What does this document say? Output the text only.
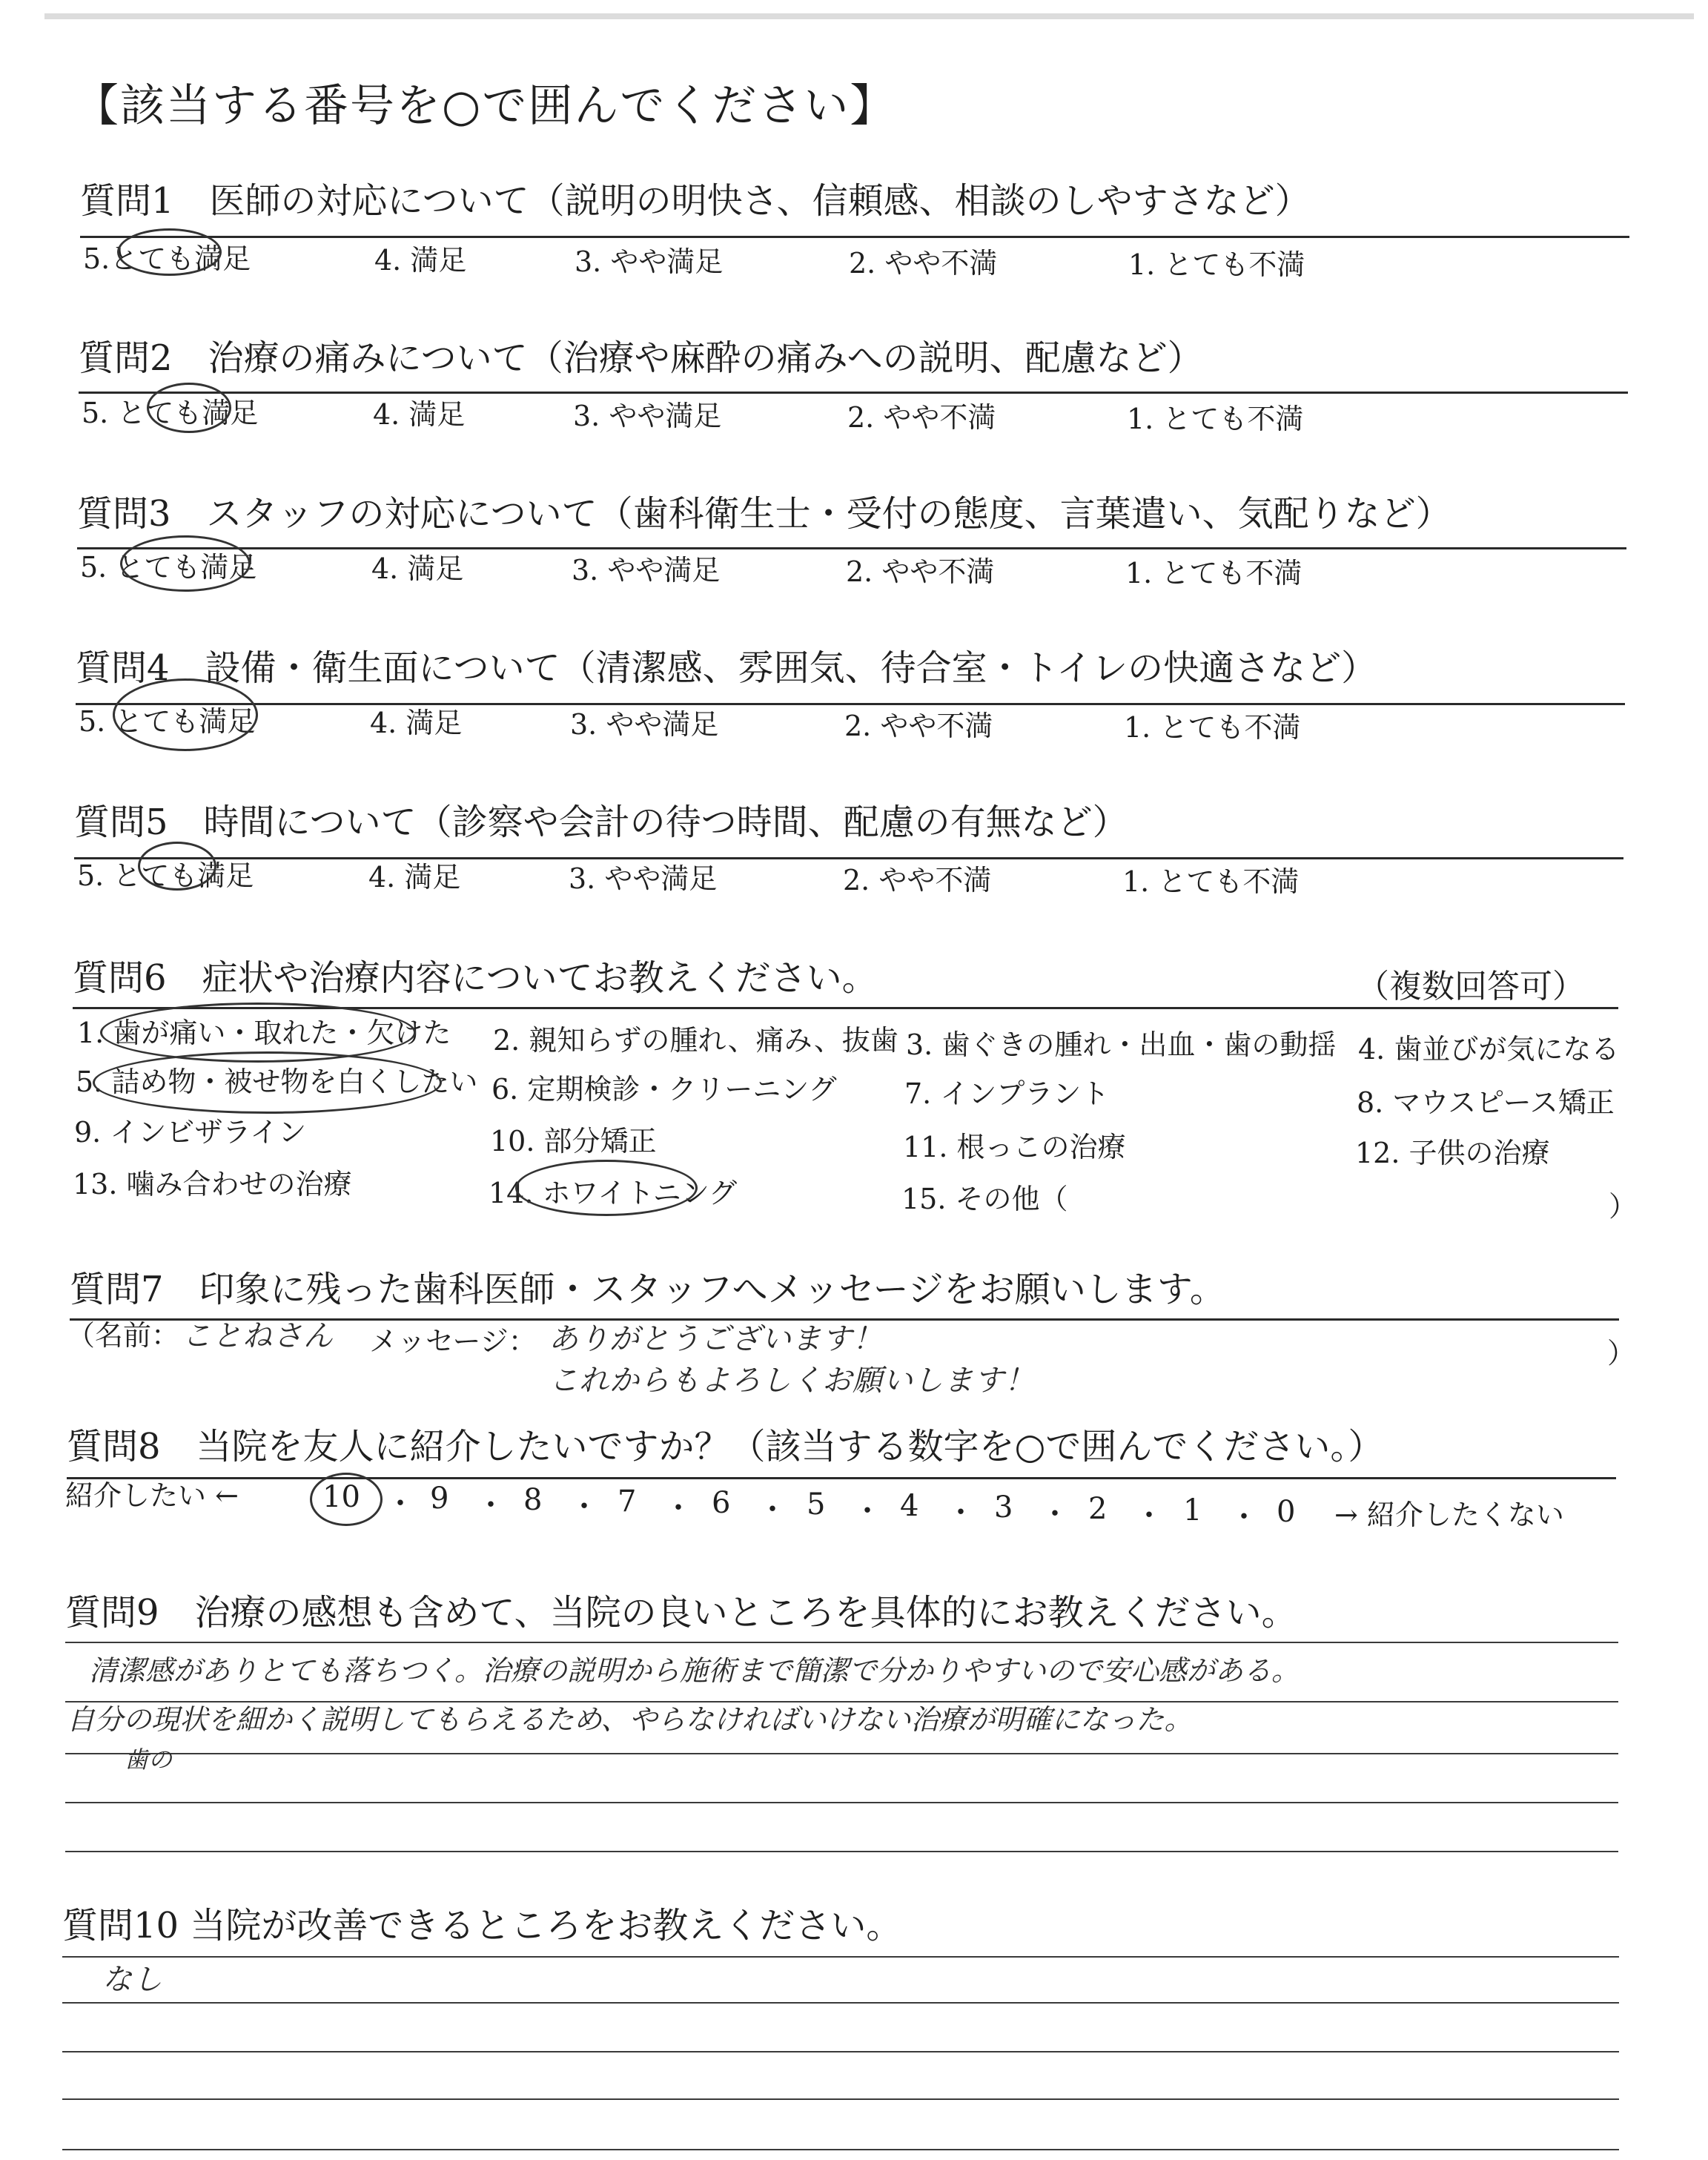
【該当する番号を○で囲んでください】
質問1　医師の対応について（説明の明快さ、信頼感、相談のしやすさなど）
5.とても満足	4. 満足	3. やや満足	2. やや不満	1. とても不満
質問2　治療の痛みについて（治療や麻酔の痛みへの説明、配慮など）
5. とても満足	4. 満足	3. やや満足	2. やや不満	1. とても不満
質問3　スタッフの対応について（歯科衛生士・受付の態度、言葉遣い、気配りなど）
5. とても満足	4. 満足	3. やや満足	2. やや不満	1. とても不満
質問4　設備・衛生面について（清潔感、雰囲気、待合室・トイレの快適さなど）
5. とても満足	4. 満足	3. やや満足	2. やや不満	1. とても不満
質問5　時間について（診察や会計の待つ時間、配慮の有無など）
5. とても満足	4. 満足	3. やや満足	2. やや不満	1. とても不満
質問6　症状や治療内容についてお教えください。	（複数回答可）
1. 歯が痛い・取れた・欠けた 2. 親知らずの腫れ、痛み、抜歯 3. 歯ぐきの腫れ・出血・歯の動揺 4. 歯並びが気になる
5. 詰め物・被せ物を白くしたい 6. 定期検診・クリーニング 7. インプラント	8. マウスピース矯正
9. インビザライン	10. 部分矯正	11. 根っこの治療	12. 子供の治療
13. 噛み合わせの治療	14. ホワイトニング	15. その他（	）
質問7　印象に残った歯科医師・スタッフへメッセージをお願いします。
（名前： ことねさん メッセージ： ありがとうございます！
これからもよろしくお願いします！
）
質問8　当院を友人に紹介したいですか？（該当する数字を○で囲んでください。）
紹介したい ←	10 ・ 9 ・ 8 ・ 7 ・ 6 ・ 5 ・ 4 ・ 3 ・ 2 ・ 1 ・ 0 → 紹介したくない
質問9　治療の感想も含めて、当院の良いところを具体的にお教えください。
清潔感がありとても落ちつく。治療の説明から施術まで簡潔で分かりやすいので安心感がある。
自分の現状を細かく説明してもらえるため、やらなければいけない治療が明確になった。
歯の
質問10 当院が改善できるところをお教えください。
なし
